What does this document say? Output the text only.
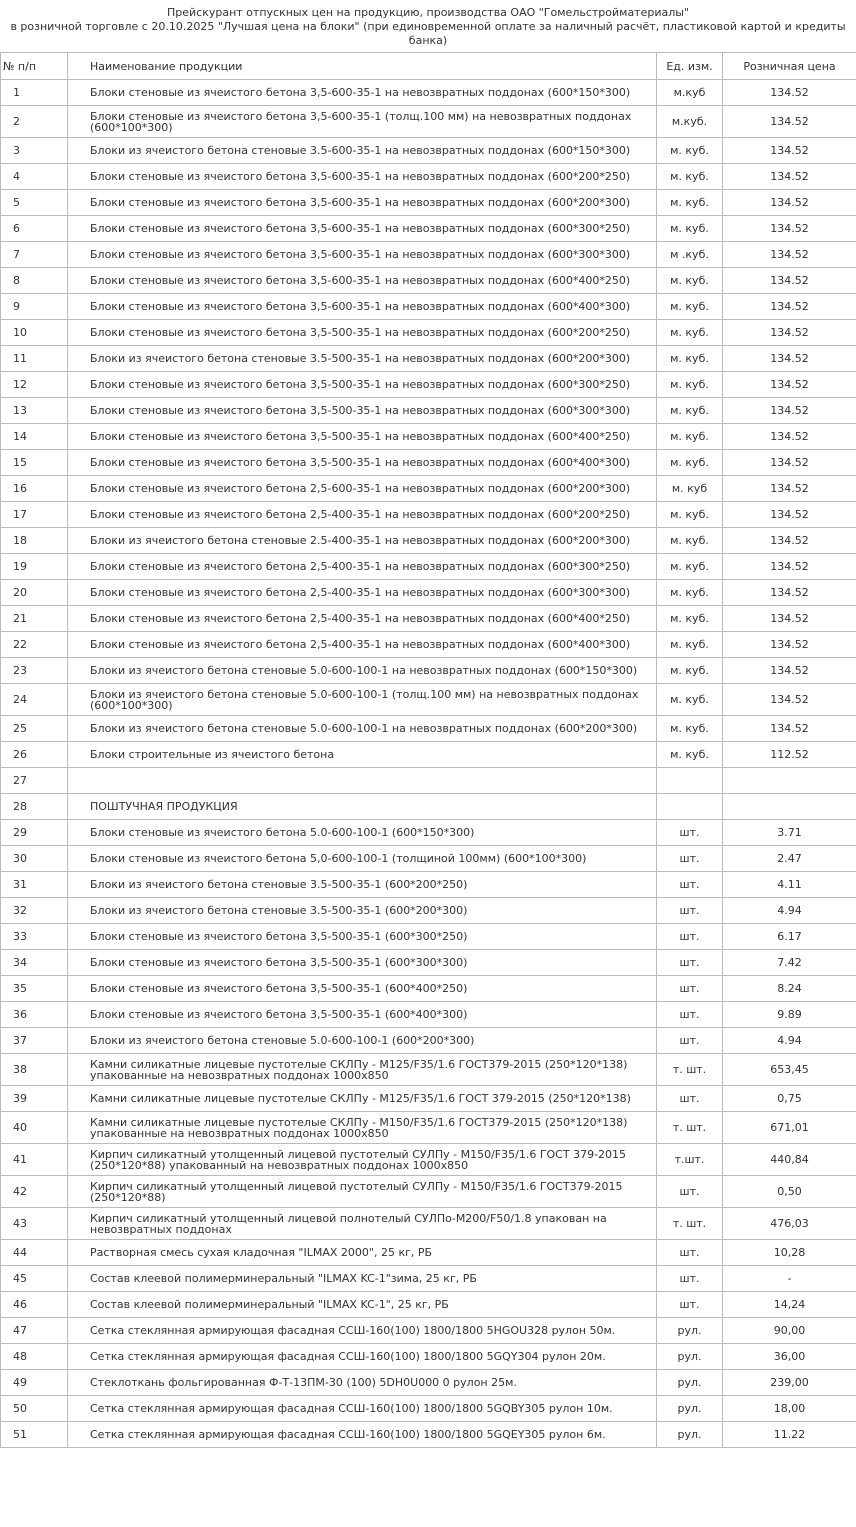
Прейскурант отпускных цен на продукцию, производства ОАО "Гомельстройматериалы"
в розничной торговле с 20.10.2025 "Лучшая цена на блоки" (при единовременной оплате за наличный расчёт, пластиковой картой и кредиты банка)
№ п/п	Наименование продукции	Ед. изм.	Розничная цена
1	Блоки стеновые из ячеистого бетона 3,5-600-35-1 на невозвратных поддонах (600*150*300)	м.куб	134.52
2	Блоки стеновые из ячеистого бетона 3,5-600-35-1 (толщ.100 мм) на невозвратных поддонах (600*100*300)	м.куб.	134.52
3	Блоки из ячеистого бетона стеновые 3.5-600-35-1 на невозвратных поддонах (600*150*300)	м. куб.	134.52
4	Блоки стеновые из ячеистого бетона 3,5-600-35-1 на невозвратных поддонах (600*200*250)	м. куб.	134.52
5	Блоки стеновые из ячеистого бетона 3,5-600-35-1 на невозвратных поддонах (600*200*300)	м. куб.	134.52
6	Блоки стеновые из ячеистого бетона 3,5-600-35-1 на невозвратных поддонах (600*300*250)	м. куб.	134.52
7	Блоки стеновые из ячеистого бетона 3,5-600-35-1 на невозвратных поддонах (600*300*300)	м .куб.	134.52
8	Блоки стеновые из ячеистого бетона 3,5-600-35-1 на невозвратных поддонах (600*400*250)	м. куб.	134.52
9	Блоки стеновые из ячеистого бетона 3,5-600-35-1 на невозвратных поддонах (600*400*300)	м. куб.	134.52
10	Блоки стеновые из ячеистого бетона 3,5-500-35-1 на невозвратных поддонах (600*200*250)	м. куб.	134.52
11	Блоки из ячеистого бетона стеновые 3.5-500-35-1 на невозвратных поддонах (600*200*300)	м. куб.	134.52
12	Блоки стеновые из ячеистого бетона 3,5-500-35-1 на невозвратных поддонах (600*300*250)	м. куб.	134.52
13	Блоки стеновые из ячеистого бетона 3,5-500-35-1 на невозвратных поддонах (600*300*300)	м. куб.	134.52
14	Блоки стеновые из ячеистого бетона 3,5-500-35-1 на невозвратных поддонах (600*400*250)	м. куб.	134.52
15	Блоки стеновые из ячеистого бетона 3,5-500-35-1 на невозвратных поддонах (600*400*300)	м. куб.	134.52
16	Блоки стеновые из ячеистого бетона 2,5-600-35-1 на невозвратных поддонах (600*200*300)	м. куб	134.52
17	Блоки стеновые из ячеистого бетона 2,5-400-35-1 на невозвратных поддонах (600*200*250)	м. куб.	134.52
18	Блоки из ячеистого бетона стеновые 2.5-400-35-1 на невозвратных поддонах (600*200*300)	м. куб.	134.52
19	Блоки стеновые из ячеистого бетона 2,5-400-35-1 на невозвратных поддонах (600*300*250)	м. куб.	134.52
20	Блоки стеновые из ячеистого бетона 2,5-400-35-1 на невозвратных поддонах (600*300*300)	м. куб.	134.52
21	Блоки стеновые из ячеистого бетона 2,5-400-35-1 на невозвратных поддонах (600*400*250)	м. куб.	134.52
22	Блоки стеновые из ячеистого бетона 2,5-400-35-1 на невозвратных поддонах (600*400*300)	м. куб.	134.52
23	Блоки из ячеистого бетона стеновые 5.0-600-100-1 на невозвратных поддонах (600*150*300)	м. куб.	134.52
24	Блоки из ячеистого бетона стеновые 5.0-600-100-1 (толщ.100 мм) на невозвратных поддонах (600*100*300)	м. куб.	134.52
25	Блоки из ячеистого бетона стеновые 5.0-600-100-1 на невозвратных поддонах (600*200*300)	м. куб.	134.52
26	Блоки строительные из ячеистого бетона	м. куб.	112.52
27			
28	ПОШТУЧНАЯ ПРОДУКЦИЯ		
29	Блоки стеновые из ячеистого бетона 5.0-600-100-1 (600*150*300)	шт.	3.71
30	Блоки стеновые из ячеистого бетона 5,0-600-100-1 (толщиной 100мм) (600*100*300)	шт.	2.47
31	Блоки из ячеистого бетона стеновые 3.5-500-35-1 (600*200*250)	шт.	4.11
32	Блоки из ячеистого бетона стеновые 3.5-500-35-1 (600*200*300)	шт.	4.94
33	Блоки стеновые из ячеистого бетона 3,5-500-35-1 (600*300*250)	шт.	6.17
34	Блоки стеновые из ячеистого бетона 3,5-500-35-1 (600*300*300)	шт.	7.42
35	Блоки стеновые из ячеистого бетона 3,5-500-35-1 (600*400*250)	шт.	8.24
36	Блоки стеновые из ячеистого бетона 3,5-500-35-1 (600*400*300)	шт.	9.89
37	Блоки из ячеистого бетона стеновые 5.0-600-100-1 (600*200*300)	шт.	4.94
38	Камни силикатные лицевые пустотелые СКЛПу - М125/F35/1.6 ГОСТ379-2015 (250*120*138) упакованные на невозвратных поддонах 1000х850	т. шт.	653,45
39	Камни силикатные лицевые пустотелые СКЛПу - М125/F35/1.6 ГОСТ 379-2015 (250*120*138)	шт.	0,75
40	Камни силикатные лицевые пустотелые СКЛПу - М150/F35/1.6 ГОСТ379-2015 (250*120*138) упакованные на невозвратных поддонах 1000х850	т. шт.	671,01
41	Кирпич силикатный утолщенный лицевой пустотелый СУЛПу - М150/F35/1.6 ГОСТ 379-2015 (250*120*88) упакованный на невозвратных поддонах 1000х850	т.шт.	440,84
42	Кирпич силикатный утолщенный лицевой пустотелый СУЛПу - М150/F35/1.6 ГОСТ379-2015 (250*120*88)	шт.	0,50
43	Кирпич силикатный утолщенный лицевой полнотелый СУЛПо-М200/F50/1.8 упакован на невозвратных поддонах	т. шт.	476,03
44	Растворная смесь сухая кладочная "ILMAX 2000", 25 кг, РБ	шт.	10,28
45	Состав клеевой полимерминеральный "ILMAX KC-1"зима, 25 кг, РБ	шт.	-
46	Состав клеевой полимерминеральный "ILMAX KC-1", 25 кг, РБ	шт.	14,24
47	Сетка стеклянная армирующая фасадная ССШ-160(100) 1800/1800 5HGOU328 рулон 50м.	рул.	90,00
48	Сетка стеклянная армирующая фасадная ССШ-160(100) 1800/1800 5GQY304 рулон 20м.	рул.	36,00
49	Стеклоткань фольгированная Ф-Т-13ПМ-30 (100) 5DH0U000 0 рулон 25м.	рул.	239,00
50	Сетка стеклянная армирующая фасадная ССШ-160(100) 1800/1800 5GQBY305 рулон 10м.	рул.	18,00
51	Сетка стеклянная армирующая фасадная ССШ-160(100) 1800/1800 5GQEY305 рулон 6м.	рул.	11.22
